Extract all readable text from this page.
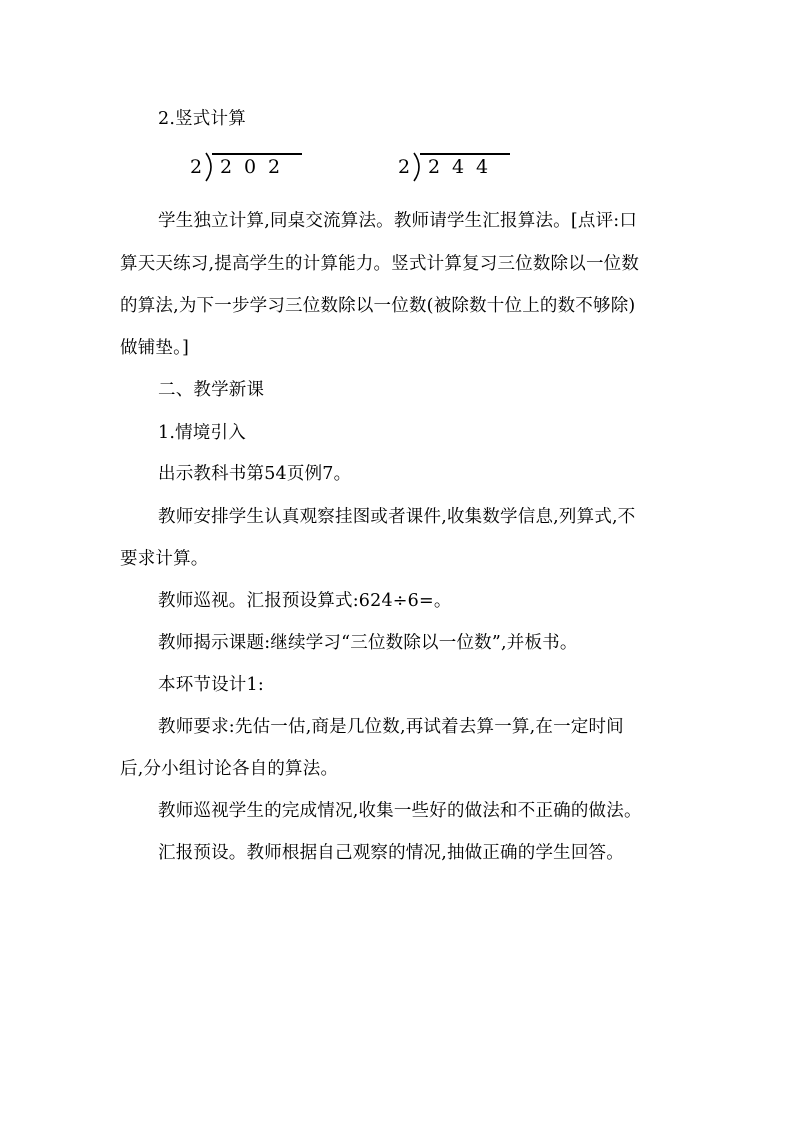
2.竖式计算
2 2 0 2	2 2 4 4
学生独立计算,同桌交流算法。教师请学生汇报算法。[点评:口
算天天练习,提高学生的计算能力。竖式计算复习三位数除以一位数
的算法,为下一步学习三位数除以一位数(被除数十位上的数不够除)
做铺垫。]
二、教学新课
1.情境引入
出示教科书第54页例7。
教师安排学生认真观察挂图或者课件,收集数学信息,列算式,不
要求计算。
教师巡视。汇报预设算式:624÷6=。
教师揭示课题:继续学习“三位数除以一位数”,并板书。
本环节设计1:
教师要求:先估一估,商是几位数,再试着去算一算,在一定时间
后,分小组讨论各自的算法。
教师巡视学生的完成情况,收集一些好的做法和不正确的做法。
汇报预设。教师根据自己观察的情况,抽做正确的学生回答。
